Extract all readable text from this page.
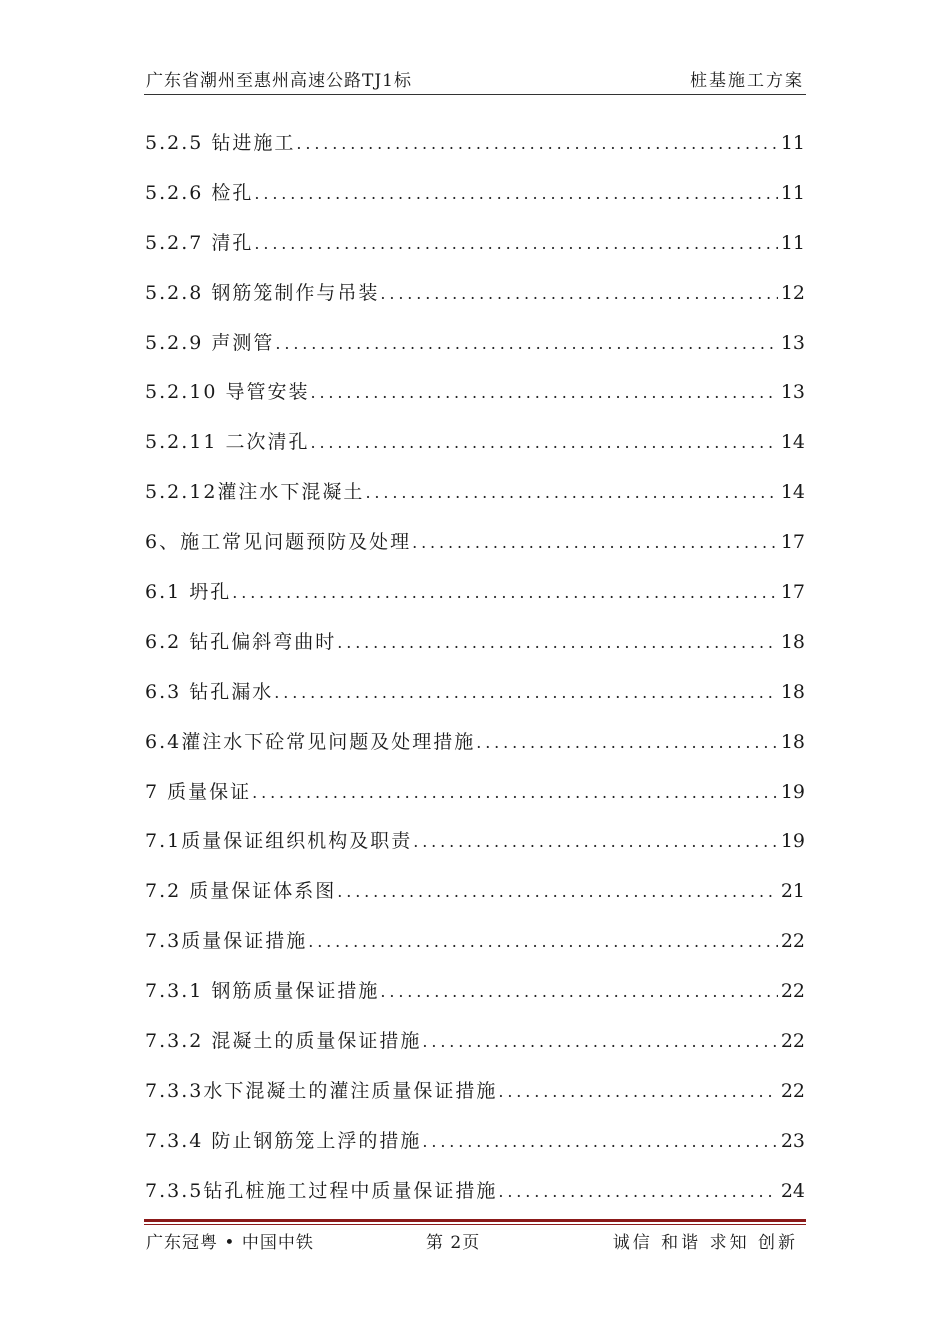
广东省潮州至惠州高速公路TJ1标	桩基施工方案
5.2.5 钻进施工 . . .	11
5.2.6 检孔 . . .	11
5.2.7 清孔 . . .	11
5.2.8 钢筋笼制作与吊装 . . .	12
5.2.9 声测管 . . .	13
5.2.10 导管安装 . . .	13
5.2.11 二次清孔 . . .	14
5.2.12灌注水下混凝土 . . .	14
6、施工常见问题预防及处理 . . .	17
6.1 坍孔 . . .	17
6.2 钻孔偏斜弯曲时 . . .	18
6.3 钻孔漏水 . . .	18
6.4灌注水下砼常见问题及处理措施 . . .	18
7 质量保证 . . .	19
7.1质量保证组织机构及职责 . . .	19
7.2 质量保证体系图 . . .	21
7.3质量保证措施 . . .	22
7.3.1 钢筋质量保证措施 . . .	22
7.3.2 混凝土的质量保证措施 . . .	22
7.3.3水下混凝土的灌注质量保证措施 . . .	22
7.3.4 防止钢筋笼上浮的措施 . . .	23
7.3.5钻孔桩施工过程中质量保证措施 . . .	24
广东冠粤 • 中国中铁	第 2页	诚信 和谐 求知 创新
